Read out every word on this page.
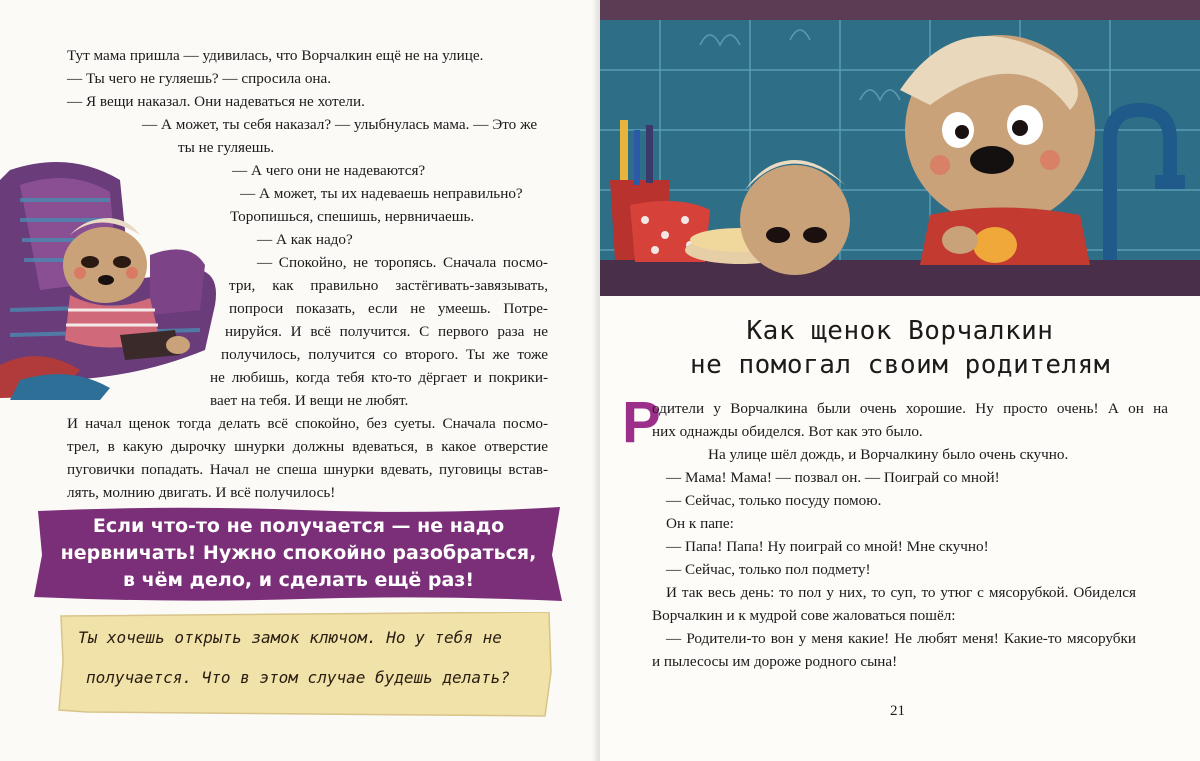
Тут мама пришла — удивилась, что Ворчалкин ещё не на улице.
— Ты чего не гуляешь? — спросила она.
— Я вещи наказал. Они надеваться не хотели.
— А может, ты себя наказал? — улыбнулась мама. — Это же
ты не гуляешь.
— А чего они не надеваются?
— А может, ты их надеваешь неправильно?
Торопишься, спешишь, нервничаешь.
— А как надо?
— Спокойно, не торопясь. Сначала посмо-
три, как правильно застёгивать-завязывать,
попроси показать, если не умеешь. Потре-
нируйся. И всё получится. С первого раза не
получилось, получится со второго. Ты же тоже
не любишь, когда тебя кто-то дёргает и покрики-
вает на тебя. И вещи не любят.
И начал щенок тогда делать всё спокойно, без суеты. Сначала посмо-
трел, в какую дырочку шнурки должны вдеваться, в какое отверстие
пуговички попадать. Начал не спеша шнурки вдевать, пуговицы встав-
лять, молнию двигать. И всё получилось!
Если что-то не получается — не надо
нервничать! Нужно спокойно разобраться,
в чём дело, и сделать ещё раз!
Ты хочешь открыть замок ключом. Но у тебя не
получается. Что в этом случае будешь делать?
Как щенок Ворчалкин
не помогал своим родителям
Р
одители у Ворчалкина были очень хорошие. Ну просто очень! А он на
них однажды обиделся. Вот как это было.
На улице шёл дождь, и Ворчалкину было очень скучно.
— Мама! Мама! — позвал он. — Поиграй со мной!
— Сейчас, только посуду помою.
Он к папе:
— Папа! Папа! Ну поиграй со мной! Мне скучно!
— Сейчас, только пол подмету!
И так весь день: то пол у них, то суп, то утюг с мясорубкой. Обиделся
Ворчалкин и к мудрой сове жаловаться пошёл:
— Родители-то вон у меня какие! Не любят меня! Какие-то мясорубки
и пылесосы им дороже родного сына!
21
